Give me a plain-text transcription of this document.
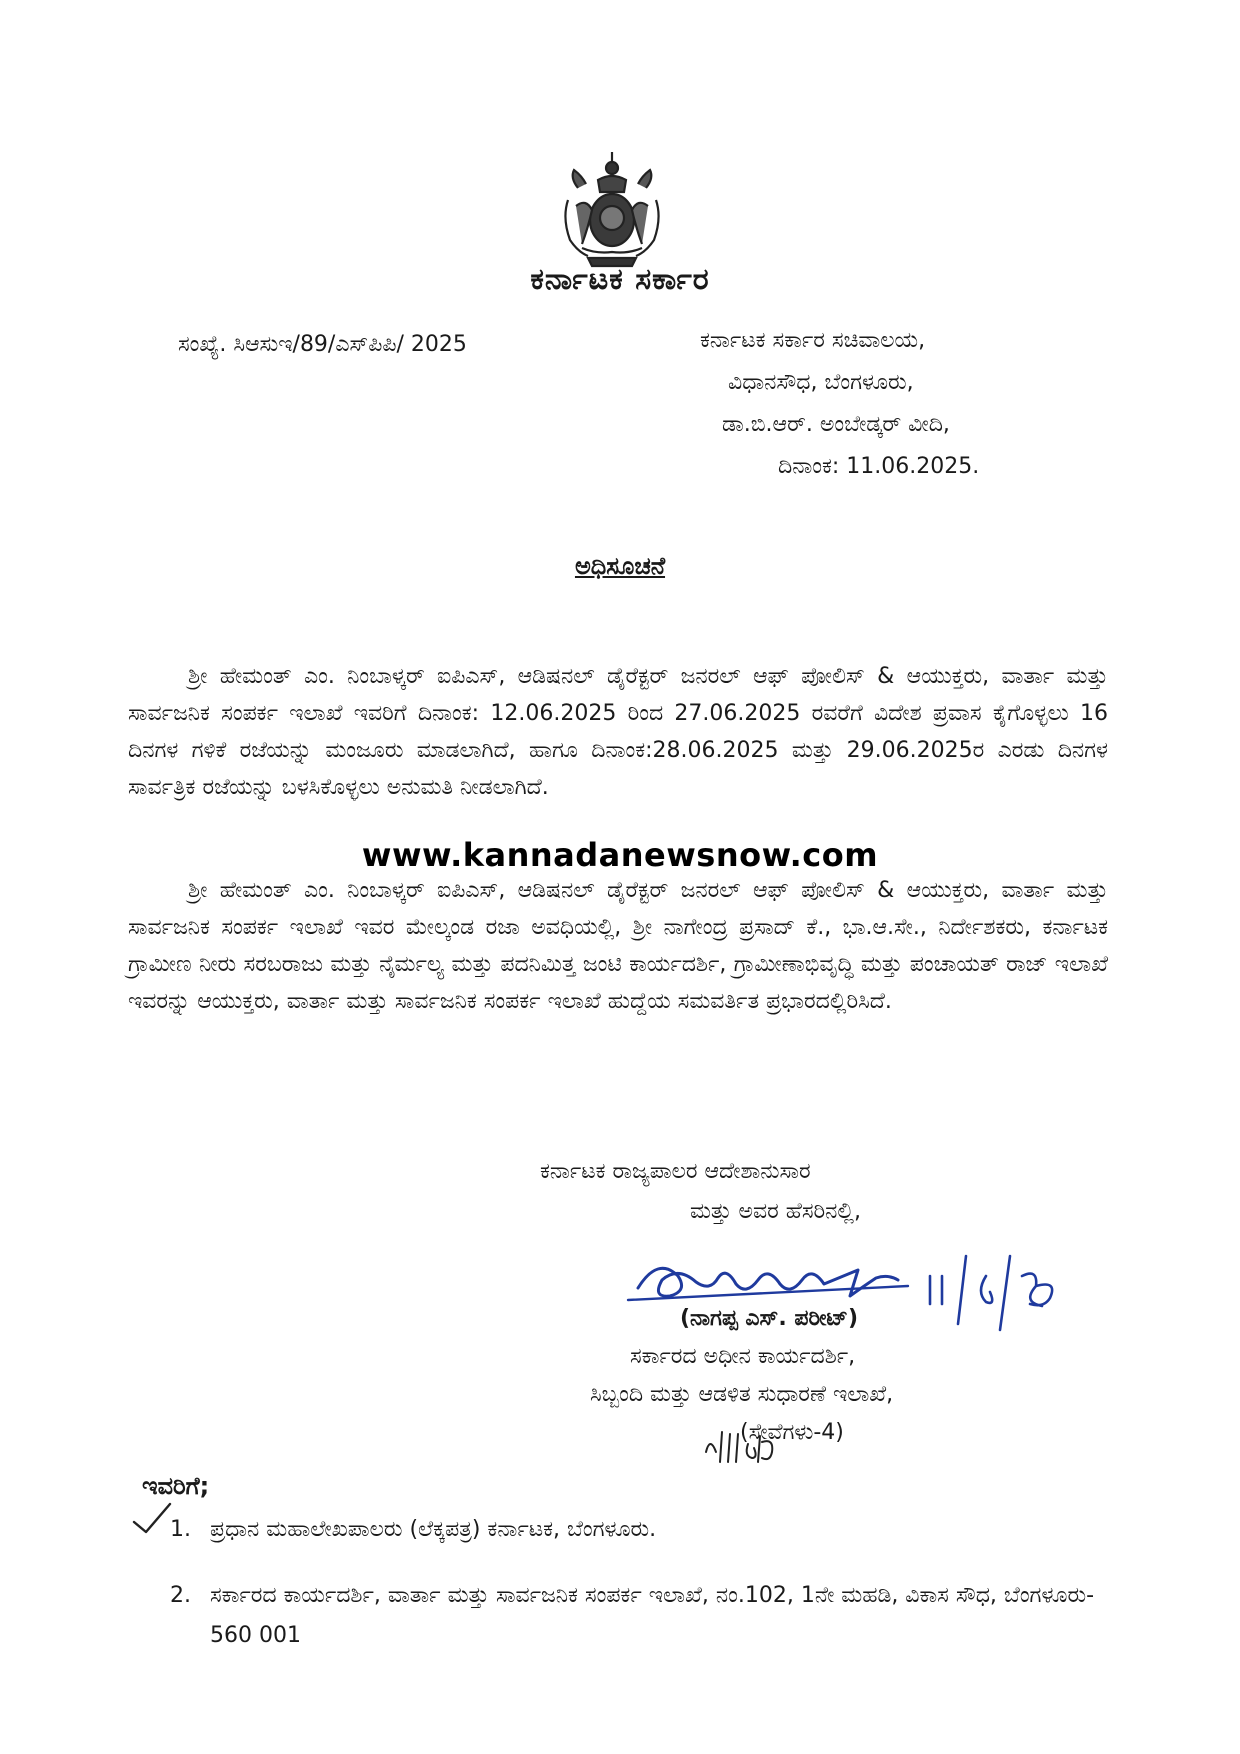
ಕರ್ನಾಟಕ ಸರ್ಕಾರ
ಸಂಖ್ಯೆ. ಸಿಆಸುಇ/89/ಎಸ್‌ಪಿಪಿ/ 2025	ಕರ್ನಾಟಕ ಸರ್ಕಾರ ಸಚಿವಾಲಯ,
ವಿಧಾನಸೌಧ, ಬೆಂಗಳೂರು,
ಡಾ.ಬಿ.ಆರ್. ಅಂಬೇಡ್ಕರ್ ವೀದಿ,
ದಿನಾಂಕ: 11.06.2025.
ಅಧಿಸೂಚನೆ
ಶ್ರೀ ಹೇಮಂತ್ ಎಂ. ನಿಂಬಾಳ್ಕರ್ ಐಪಿಎಸ್, ಆಡಿಷನಲ್ ಡೈರೆಕ್ಟರ್ ಜನರಲ್ ಆಫ್ ಪೋಲಿಸ್ & ಆಯುಕ್ತರು, ವಾರ್ತಾ ಮತ್ತು ಸಾರ್ವಜನಿಕ ಸಂಪರ್ಕ ಇಲಾಖೆ ಇವರಿಗೆ ದಿನಾಂಕ: 12.06.2025 ರಿಂದ 27.06.2025 ರವರೆಗೆ ವಿದೇಶ ಪ್ರವಾಸ ಕೈಗೊಳ್ಳಲು 16 ದಿನಗಳ ಗಳಿಕೆ ರಜೆಯನ್ನು ಮಂಜೂರು ಮಾಡಲಾಗಿದೆ, ಹಾಗೂ ದಿನಾಂಕ:28.06.2025 ಮತ್ತು 29.06.2025ರ ಎರಡು ದಿನಗಳ ಸಾರ್ವತ್ರಿಕ ರಜೆಯನ್ನು ಬಳಸಿಕೊಳ್ಳಲು ಅನುಮತಿ ನೀಡಲಾಗಿದೆ.
www.kannadanewsnow.com
ಶ್ರೀ ಹೇಮಂತ್ ಎಂ. ನಿಂಬಾಳ್ಕರ್ ಐಪಿಎಸ್, ಆಡಿಷನಲ್ ಡೈರೆಕ್ಟರ್ ಜನರಲ್ ಆಫ್ ಪೋಲಿಸ್ & ಆಯುಕ್ತರು, ವಾರ್ತಾ ಮತ್ತು ಸಾರ್ವಜನಿಕ ಸಂಪರ್ಕ ಇಲಾಖೆ ಇವರ ಮೇಲ್ಕಂಡ ರಜಾ ಅವಧಿಯಲ್ಲಿ, ಶ್ರೀ ನಾಗೇಂದ್ರ ಪ್ರಸಾದ್ ಕೆ., ಭಾ.ಆ.ಸೇ., ನಿರ್ದೇಶಕರು, ಕರ್ನಾಟಕ ಗ್ರಾಮೀಣ ನೀರು ಸರಬರಾಜು ಮತ್ತು ನೈರ್ಮಲ್ಯ ಮತ್ತು ಪದನಿಮಿತ್ತ ಜಂಟಿ ಕಾರ್ಯದರ್ಶಿ, ಗ್ರಾಮೀಣಾಭಿವೃದ್ಧಿ ಮತ್ತು ಪಂಚಾಯತ್ ರಾಜ್ ಇಲಾಖೆ ಇವರನ್ನು ಆಯುಕ್ತರು, ವಾರ್ತಾ ಮತ್ತು ಸಾರ್ವಜನಿಕ ಸಂಪರ್ಕ ಇಲಾಖೆ ಹುದ್ದೆಯ ಸಮವರ್ತಿತ ಪ್ರಭಾರದಲ್ಲಿರಿಸಿದೆ.
ಕರ್ನಾಟಕ ರಾಜ್ಯಪಾಲರ ಆದೇಶಾನುಸಾರ
ಮತ್ತು ಅವರ ಹೆಸರಿನಲ್ಲಿ,
(ನಾಗಪ್ಪ ಎಸ್. ಪರೀಟ್)
ಸರ್ಕಾರದ ಅಧೀನ ಕಾರ್ಯದರ್ಶಿ,
ಸಿಬ್ಬಂದಿ ಮತ್ತು ಆಡಳಿತ ಸುಧಾರಣೆ ಇಲಾಖೆ,
(ಸೇವೆಗಳು-4)
ಇವರಿಗೆ;
1. ಪ್ರಧಾನ ಮಹಾಲೇಖಪಾಲರು (ಲೆಕ್ಕಪತ್ರ) ಕರ್ನಾಟಕ, ಬೆಂಗಳೂರು.
2. ಸರ್ಕಾರದ ಕಾರ್ಯದರ್ಶಿ, ವಾರ್ತಾ ಮತ್ತು ಸಾರ್ವಜನಿಕ ಸಂಪರ್ಕ ಇಲಾಖೆ, ನಂ.102, 1ನೇ ಮಹಡಿ, ವಿಕಾಸ ಸೌಧ, ಬೆಂಗಳೂರು- 560 001
